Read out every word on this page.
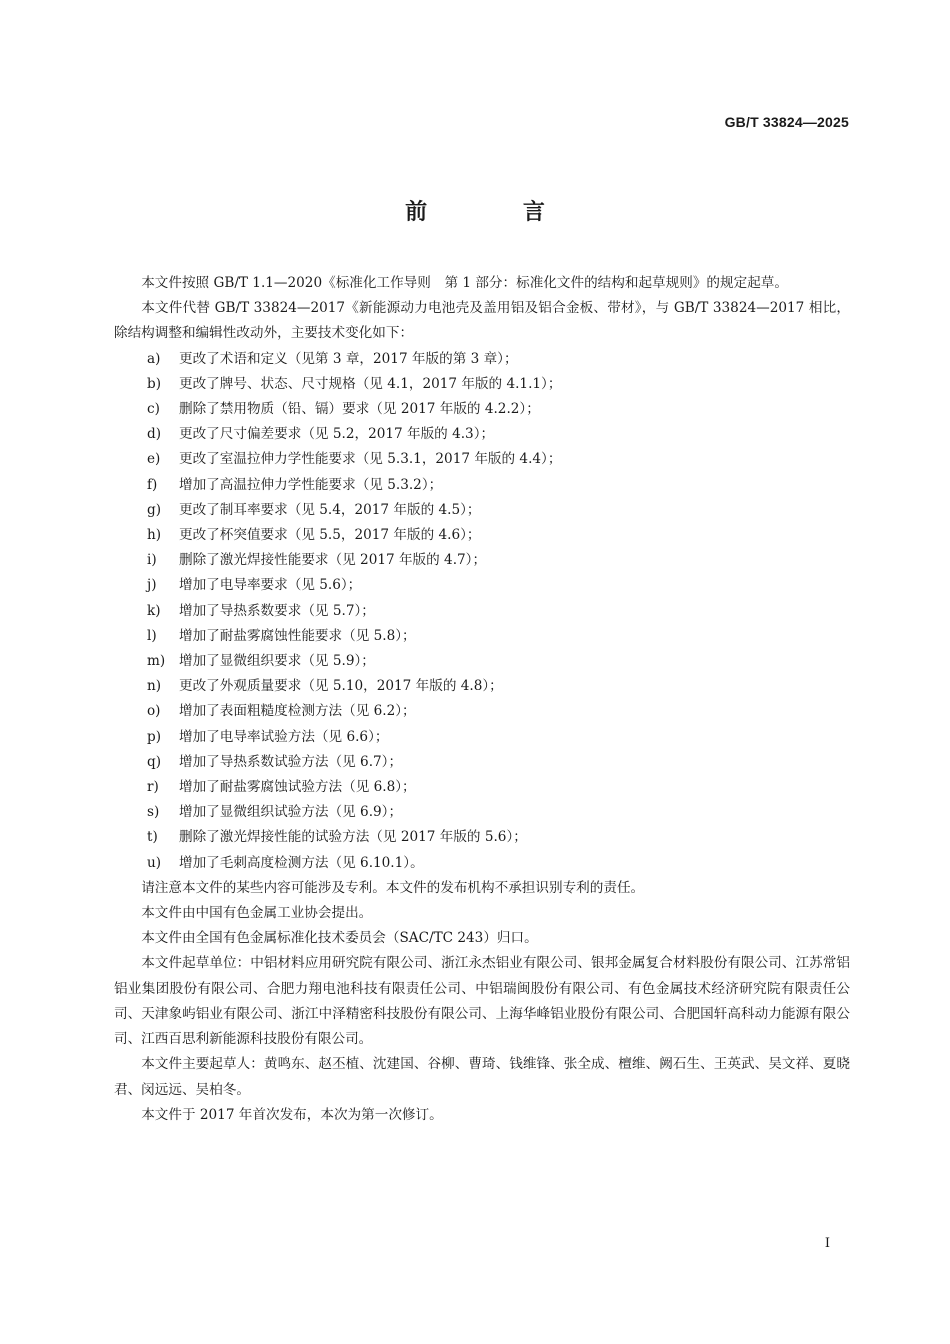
GB/T 33824—2025
前 言

本文件按照 GB/T 1.1—2020《标准化工作导则　第 1 部分：标准化文件的结构和起草规则》的规定起草。

本文件代替 GB/T 33824—2017《新能源动力电池壳及盖用铝及铝合金板、带材》，与 GB/T 33824—2017 相比，除结构调整和编辑性改动外，主要技术变化如下：

a) 更改了术语和定义（见第 3 章，2017 年版的第 3 章）；
b) 更改了牌号、状态、尺寸规格（见 4.1，2017 年版的 4.1.1）；
c) 删除了禁用物质（铅、镉）要求（见 2017 年版的 4.2.2）；
d) 更改了尺寸偏差要求（见 5.2，2017 年版的 4.3）；
e) 更改了室温拉伸力学性能要求（见 5.3.1，2017 年版的 4.4）；
f) 增加了高温拉伸力学性能要求（见 5.3.2）；
g) 更改了制耳率要求（见 5.4，2017 年版的 4.5）；
h) 更改了杯突值要求（见 5.5，2017 年版的 4.6）；
i) 删除了激光焊接性能要求（见 2017 年版的 4.7）；
j) 增加了电导率要求（见 5.6）；
k) 增加了导热系数要求（见 5.7）；
l) 增加了耐盐雾腐蚀性能要求（见 5.8）；
m) 增加了显微组织要求（见 5.9）；
n) 更改了外观质量要求（见 5.10，2017 年版的 4.8）；
o) 增加了表面粗糙度检测方法（见 6.2）；
p) 增加了电导率试验方法（见 6.6）；
q) 增加了导热系数试验方法（见 6.7）；
r) 增加了耐盐雾腐蚀试验方法（见 6.8）；
s) 增加了显微组织试验方法（见 6.9）；
t) 删除了激光焊接性能的试验方法（见 2017 年版的 5.6）；
u) 增加了毛刺高度检测方法（见 6.10.1）。

请注意本文件的某些内容可能涉及专利。本文件的发布机构不承担识别专利的责任。

本文件由中国有色金属工业协会提出。

本文件由全国有色金属标准化技术委员会（SAC/TC 243）归口。

本文件起草单位：中铝材料应用研究院有限公司、浙江永杰铝业有限公司、银邦金属复合材料股份有限公司、江苏常铝铝业集团股份有限公司、合肥力翔电池科技有限责任公司、中铝瑞闽股份有限公司、有色金属技术经济研究院有限责任公司、天津象屿铝业有限公司、浙江中泽精密科技股份有限公司、上海华峰铝业股份有限公司、合肥国轩高科动力能源有限公司、江西百思利新能源科技股份有限公司。

本文件主要起草人：黄鸣东、赵丕植、沈建国、谷柳、曹琦、钱维锋、张全成、檀维、阙石生、王英武、吴文祥、夏晓君、闵远远、吴柏冬。

本文件于 2017 年首次发布，本次为第一次修订。

I
